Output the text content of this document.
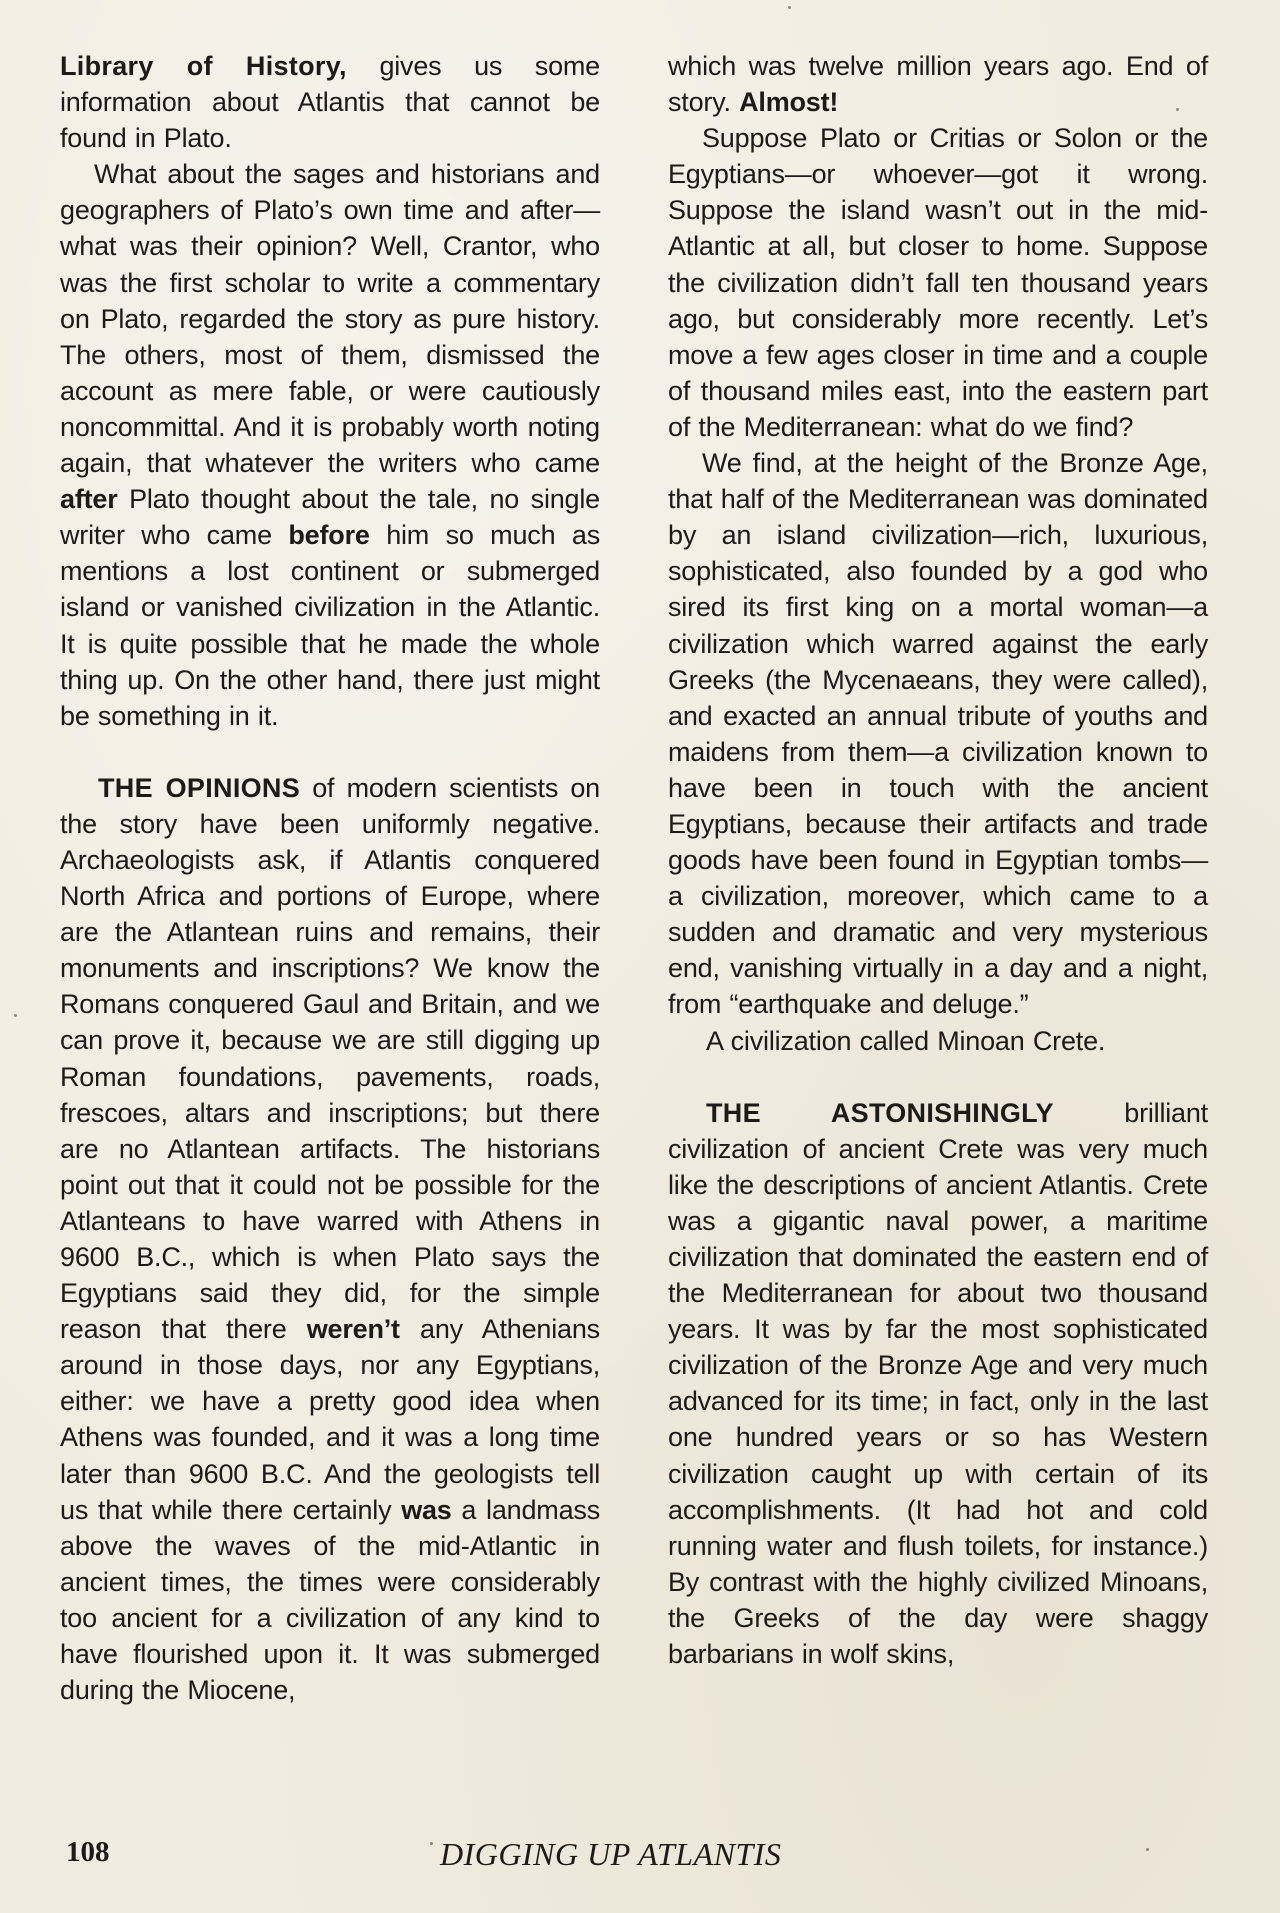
Library of History, gives us some information about Atlantis that cannot be found in Plato.

What about the sages and historians and geographers of Plato’s own time and after—what was their opinion? Well, Crantor, who was the first scholar to write a commentary on Plato, regarded the story as pure history. The others, most of them, dismissed the account as mere fable, or were cautiously noncommittal. And it is probably worth noting again, that whatever the writers who came after Plato thought about the tale, no single writer who came before him so much as mentions a lost continent or submerged island or vanished civilization in the Atlantic. It is quite possible that he made the whole thing up. On the other hand, there just might be something in it.

THE OPINIONS of modern scientists on the story have been uniformly negative. Archaeologists ask, if Atlantis conquered North Africa and portions of Europe, where are the Atlantean ruins and remains, their monuments and inscriptions? We know the Romans conquered Gaul and Britain, and we can prove it, because we are still digging up Roman foundations, pavements, roads, frescoes, altars and inscriptions; but there are no Atlantean artifacts. The historians point out that it could not be possible for the Atlanteans to have warred with Athens in 9600 B.C., which is when Plato says the Egyptians said they did, for the simple reason that there weren’t any Athenians around in those days, nor any Egyptians, either: we have a pretty good idea when Athens was founded, and it was a long time later than 9600 B.C. And the geologists tell us that while there certainly was a landmass above the waves of the mid-Atlantic in ancient times, the times were considerably too ancient for a civilization of any kind to have flourished upon it. It was submerged during the Miocene,

which was twelve million years ago. End of story. Almost!

Suppose Plato or Critias or Solon or the Egyptians—or whoever—got it wrong. Suppose the island wasn’t out in the mid-Atlantic at all, but closer to home. Suppose the civilization didn’t fall ten thousand years ago, but considerably more recently. Let’s move a few ages closer in time and a couple of thousand miles east, into the eastern part of the Mediterranean: what do we find?

We find, at the height of the Bronze Age, that half of the Mediterranean was dominated by an island civilization—rich, luxurious, sophisticated, also founded by a god who sired its first king on a mortal woman—a civilization which warred against the early Greeks (the Mycenaeans, they were called), and exacted an annual tribute of youths and maidens from them—a civilization known to have been in touch with the ancient Egyptians, because their artifacts and trade goods have been found in Egyptian tombs—a civilization, moreover, which came to a sudden and dramatic and very mysterious end, vanishing virtually in a day and a night, from “earthquake and deluge.”

A civilization called Minoan Crete.

THE ASTONISHINGLY brilliant civilization of ancient Crete was very much like the descriptions of ancient Atlantis. Crete was a gigantic naval power, a maritime civilization that dominated the eastern end of the Mediterranean for about two thousand years. It was by far the most sophisticated civilization of the Bronze Age and very much advanced for its time; in fact, only in the last one hundred years or so has Western civilization caught up with certain of its accomplishments. (It had hot and cold running water and flush toilets, for instance.) By contrast with the highly civilized Minoans, the Greeks of the day were shaggy barbarians in wolf skins,

108	DIGGING UP ATLANTIS
